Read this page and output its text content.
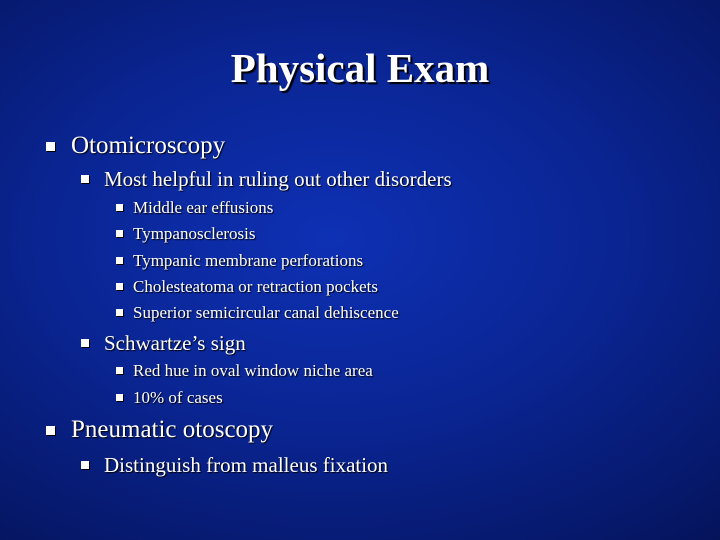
Physical Exam
Otomicroscopy
Most helpful in ruling out other disorders
Middle ear effusions
Tympanosclerosis
Tympanic membrane perforations
Cholesteatoma or retraction pockets
Superior semicircular canal dehiscence
Schwartze’s sign
Red hue in oval window niche area
10% of cases
Pneumatic otoscopy
Distinguish from malleus fixation
